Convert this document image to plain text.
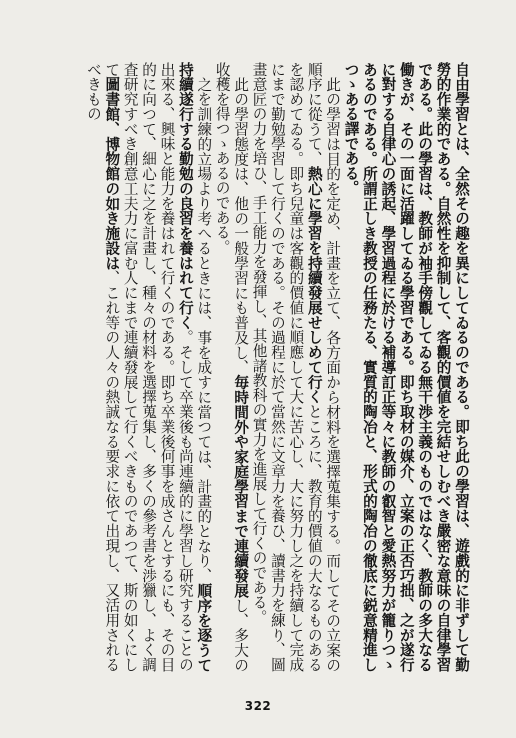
自由學習とは、全然その趣を異にしてゐるのである。即ち此の學習は、遊戲的に非ずして勤勞的作業的である。自然性を抑制して、客觀的價値を完結せしむべき嚴密な意味の自律學習である。此の學習は、教師が袖手傍觀してゐる無干渉主義のものではなく、教師の多大なる働きが、その一面に活躍してゐる學習である。即ち取材の媒介、立案の正否巧拙、之が遂行に對する自律心の誘起、學習過程に於ける補導訂正等々に教師の叡智と愛熱努力が籠りつゝあるのである。所謂正しき教授の任務たる、實質的陶冶と、形式的陶冶の徹底に鋭意精進しつゝある譯である。

此の學習は目的を定め、計畫を立て、各方面から材料を選擇蒐集する。而してその立案の順序に從うて、熱心に學習を持續發展せしめて行くところに、教育的價値の大なるものあるを認めてゐる。即ち兒童は客觀的價値に順應して大に苦心し、大に努力し之を持續して完成にまで勤勉學習して行くのである。その過程に於て當然に文章力を養ひ、讀書力を練り、圖畫意匠の力を培ひ、手工能力を發揮し、其他諸教科の實力を進展して行くのである。

此の學習態度は、他の一般學習にも普及し、毎時間外や家庭學習まで連續發展し、多大の收穫を得つゝあるのである。

之を訓練的立場より考へるときには、事を成すに當つては、計畫的となり、順序を逐うて持續遂行する勤勉の良習を養はれて行く。そして卒業後も尚連續的に學習し研究することの出來る、興味と能力を養はれて行くのである。即ち卒業後何事を成さんとするにも、その目的に向つて、細心に之を計畫し、種々の材料を選擇蒐集し、多くの參考書を渉獵し、よく調査研究すべき創意工夫力に富む人にまで連續發展して行くべきものであつて、斯の如くにして圖書館、博物館の如き施設は、これ等の人々の熱誠なる要求に依て出現し、又活用されるべきもの

322
